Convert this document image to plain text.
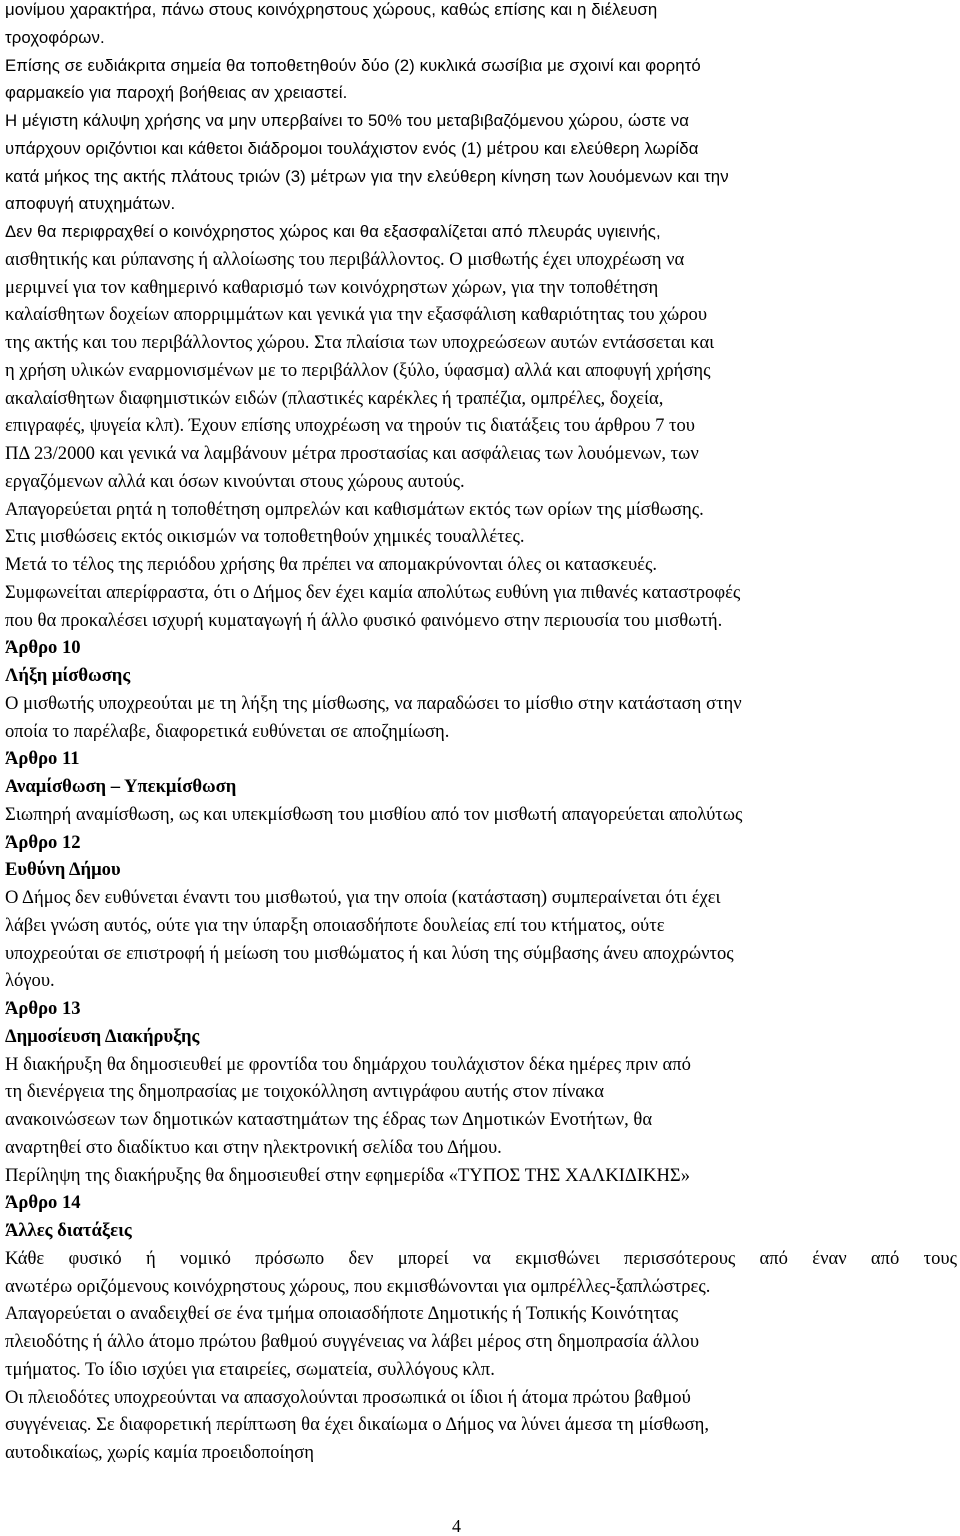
μονίμου χαρακτήρα, πάνω στους κοινόχρηστους χώρους, καθώς επίσης και η διέλευση
τροχοφόρων.
Επίσης σε ευδιάκριτα σημεία θα τοποθετηθούν δύο (2) κυκλικά σωσίβια με σχοινί και φορητό
φαρμακείο για παροχή βοήθειας αν χρειαστεί.
Η μέγιστη κάλυψη χρήσης να μην υπερβαίνει το 50% του μεταβιβαζόμενου χώρου, ώστε να
υπάρχουν οριζόντιοι και κάθετοι διάδρομοι τουλάχιστον ενός (1) μέτρου και ελεύθερη λωρίδα
κατά μήκος της ακτής πλάτους τριών (3) μέτρων για την ελεύθερη κίνηση των λουόμενων και την
αποφυγή ατυχημάτων.
Δεν θα περιφραχθεί ο κοινόχρηστος χώρος και θα εξασφαλίζεται από πλευράς υγιεινής,
αισθητικής και ρύπανσης ή αλλοίωσης του περιβάλλοντος. Ο μισθωτής έχει υποχρέωση να
μεριμνεί για τον καθημερινό καθαρισμό των κοινόχρηστων χώρων, για την τοποθέτηση
καλαίσθητων δοχείων απορριμμάτων και γενικά για την εξασφάλιση καθαριότητας του χώρου
της ακτής και του περιβάλλοντος χώρου. Στα πλαίσια των υποχρεώσεων αυτών εντάσσεται και
η χρήση υλικών εναρμονισμένων με το περιβάλλον (ξύλο, ύφασμα) αλλά και αποφυγή χρήσης
ακαλαίσθητων διαφημιστικών ειδών (πλαστικές καρέκλες ή τραπέζια, ομπρέλες, δοχεία,
επιγραφές, ψυγεία κλπ). Έχουν επίσης υποχρέωση να τηρούν τις διατάξεις του άρθρου 7 του
ΠΔ 23/2000 και γενικά να λαμβάνουν μέτρα προστασίας και ασφάλειας των λουόμενων, των
εργαζόμενων αλλά και όσων κινούνται στους χώρους αυτούς.
Απαγορεύεται ρητά η τοποθέτηση ομπρελών και καθισμάτων εκτός των ορίων της μίσθωσης.
Στις μισθώσεις εκτός οικισμών να τοποθετηθούν χημικές τουαλλέτες.
Μετά το τέλος της περιόδου χρήσης θα πρέπει να απομακρύνονται όλες οι κατασκευές.
Συμφωνείται απερίφραστα, ότι ο Δήμος δεν έχει καμία απολύτως ευθύνη για πιθανές καταστροφές
που θα προκαλέσει ισχυρή κυματαγωγή ή άλλο φυσικό φαινόμενο στην περιουσία του μισθωτή.
Άρθρο 10
Λήξη μίσθωσης
Ο μισθωτής υποχρεούται με τη λήξη της μίσθωσης, να παραδώσει το μίσθιο στην κατάσταση στην
οποία το παρέλαβε, διαφορετικά ευθύνεται σε αποζημίωση.
Άρθρο 11
Αναμίσθωση – Υπεκμίσθωση
Σιωπηρή αναμίσθωση, ως και υπεκμίσθωση του μισθίου από τον μισθωτή απαγορεύεται απολύτως
Άρθρο 12
Ευθύνη Δήμου
Ο Δήμος δεν ευθύνεται έναντι του μισθωτού, για την οποία (κατάσταση) συμπεραίνεται ότι έχει
λάβει γνώση αυτός, ούτε για την ύπαρξη οποιασδήποτε δουλείας επί του κτήματος, ούτε
υποχρεούται σε επιστροφή ή μείωση του μισθώματος ή και λύση της σύμβασης άνευ αποχρώντος
λόγου.
Άρθρο 13
Δημοσίευση Διακήρυξης
Η διακήρυξη θα δημοσιευθεί με φροντίδα του δημάρχου τουλάχιστον δέκα ημέρες πριν από
τη διενέργεια της δημοπρασίας με τοιχοκόλληση αντιγράφου αυτής στον πίνακα
ανακοινώσεων των δημοτικών καταστημάτων της έδρας των Δημοτικών Ενοτήτων, θα
αναρτηθεί στο διαδίκτυο και στην ηλεκτρονική σελίδα του Δήμου.
Περίληψη της διακήρυξης θα δημοσιευθεί στην εφημερίδα «ΤΥΠΟΣ ΤΗΣ ΧΑΛΚΙΔΙΚΗΣ»
Άρθρο 14
Άλλες διατάξεις
Κάθε φυσικό ή νομικό πρόσωπο δεν μπορεί να εκμισθώνει περισσότερους από έναν από τους
ανωτέρω οριζόμενους κοινόχρηστους χώρους, που εκμισθώνονται για ομπρέλλες-ξαπλώστρες.
Απαγορεύεται ο αναδειχθεί σε ένα τμήμα οποιασδήποτε Δημοτικής ή Τοπικής Κοινότητας
πλειοδότης ή άλλο άτομο πρώτου βαθμού συγγένειας να λάβει μέρος στη δημοπρασία άλλου
τμήματος. Το ίδιο ισχύει για εταιρείες, σωματεία, συλλόγους κλπ.
Οι πλειοδότες υποχρεούνται να απασχολούνται προσωπικά οι ίδιοι ή άτομα πρώτου βαθμού
συγγένειας. Σε διαφορετική περίπτωση θα έχει δικαίωμα ο Δήμος να λύνει άμεσα τη μίσθωση,
αυτοδικαίως, χωρίς καμία προειδοποίηση
4
